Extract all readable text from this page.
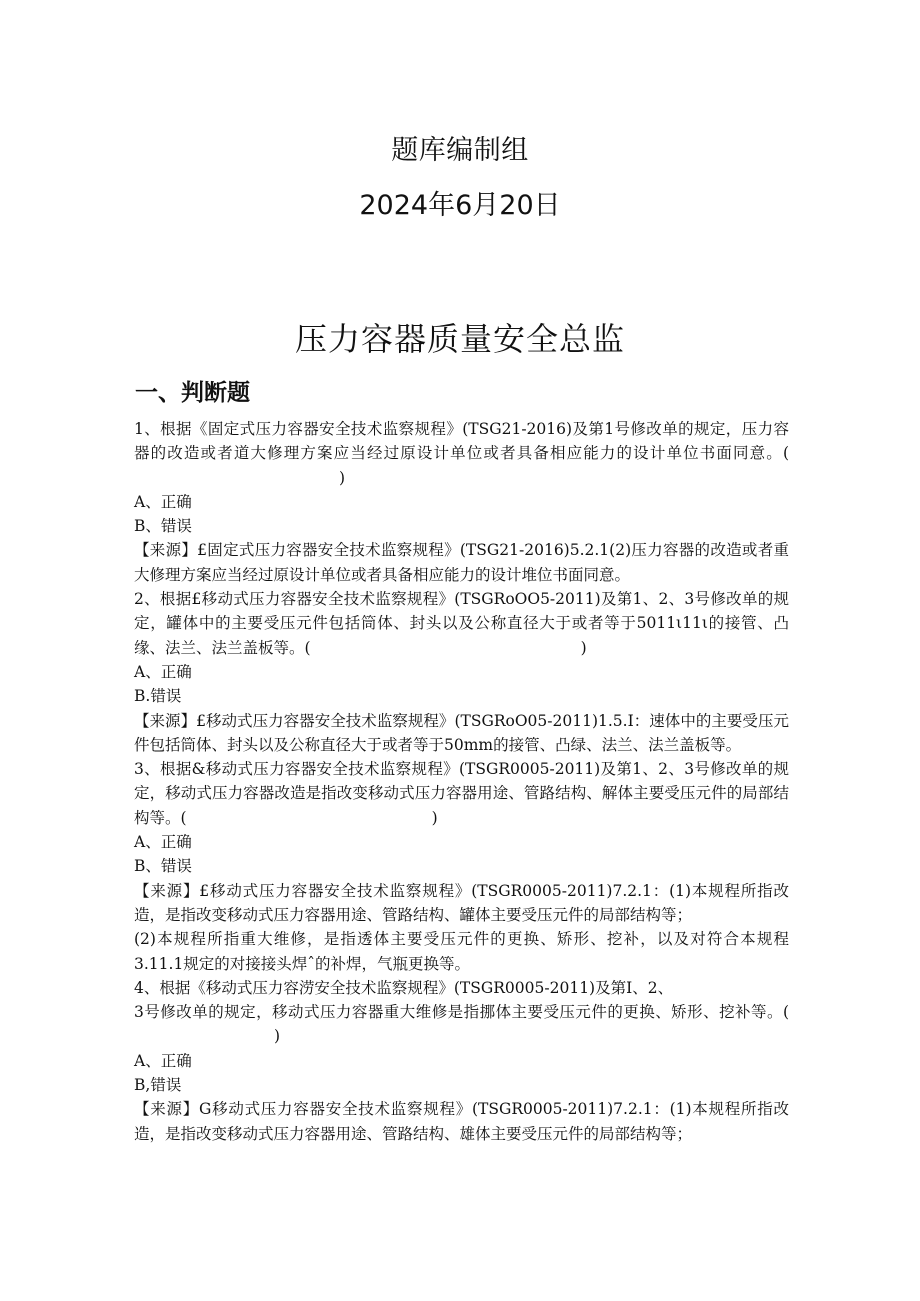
题库编制组
2024年6月20日
压力容器质量安全总监
一、判断题

1、根据《固定式压力容器安全技术监察规程》(TSG21-2016)及第1号修改单的规定，压力容器的改造或者道大修理方案应当经过原设计单位或者具备相应能力的设计单位书面同意。()

A、正确

B、错误

【来源】£固定式压力容器安全技术监察规程》(TSG21-2016)5.2.1(2)压力容器的改造或者重大修理方案应当经过原设计单位或者具备相应能力的设计堆位书面同意。

2、根据£移动式压力容器安全技术监察规程》(TSGRoOO5-2011)及第1、2、3号修改单的规定，罐体中的主要受压元件包括筒体、封头以及公称直径大于或者等于5011ι11ι的接管、凸缘、法兰、法兰盖板等。(	)

A、正确

B.错误

【来源】£移动式压力容器安全技术监察规程》(TSGRoO05-2011)1.5.I：速体中的主要受压元件包括筒体、封头以及公称直径大于或者等于50mm的接管、凸绿、法兰、法兰盖板等。

3、根据&移动式压力容器安全技术监察规程》(TSGR0005-2011)及第1、2、3号修改单的规定，移动式压力容器改造是指改变移动式压力容器用途、管路结构、解体主要受压元件的局部结构等。(	)

A、正确

B、错误

【来源】£移动式压力容器安全技术监察规程》(TSGR0005-2011)7.2.1：(1)本规程所指改造，是指改变移动式压力容器用途、管路结构、罐体主要受压元件的局部结构等；

(2)本规程所指重大维修，是指透体主要受压元件的更换、矫形、挖补，以及对符合本规程3.11.1规定的对接接头焊ˆ的补焊，气瓶更换等。

4、根据《移动式压力容涝安全技术监察规程》(TSGR0005-2011)及第I、2、

3号修改单的规定，移动式压力容器重大维修是指挪体主要受压元件的更换、矫形、挖补等。()

A、正确

B,错误

【来源】G移动式压力容器安全技术监察规程》(TSGR0005-2011)7.2.1：(1)本规程所指改造，是指改变移动式压力容器用途、管路结构、雄体主要受压元件的局部结构等；
